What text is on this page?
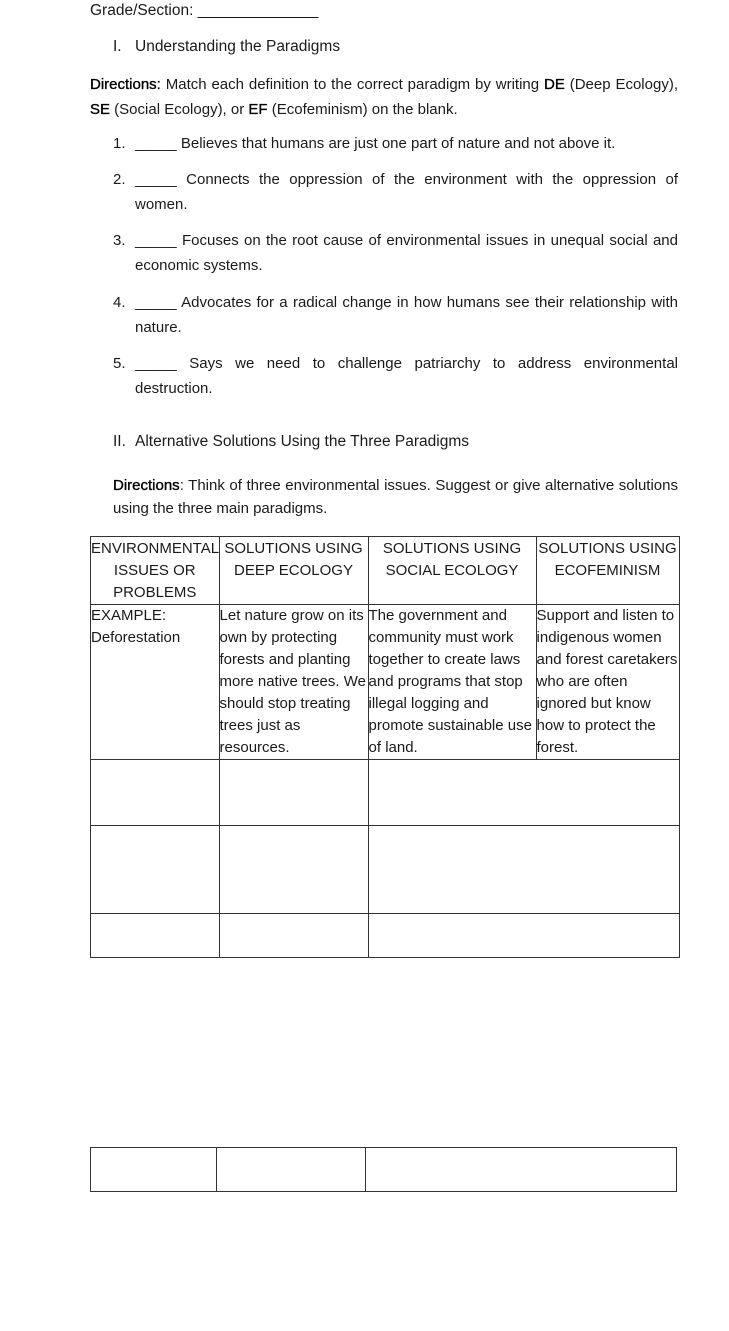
Grade/Section: ______________
I. Understanding the Paradigms
Directions: Match each definition to the correct paradigm by writing DE (Deep Ecology), SE (Social Ecology), or EF (Ecofeminism) on the blank.
1. _____ Believes that humans are just one part of nature and not above it.
2. _____ Connects the oppression of the environment with the oppression of women.
3. _____ Focuses on the root cause of environmental issues in unequal social and economic systems.
4. _____ Advocates for a radical change in how humans see their relationship with nature.
5. _____ Says we need to challenge patriarchy to address environmental destruction.
II. Alternative Solutions Using the Three Paradigms
Directions: Think of three environmental issues. Suggest or give alternative solutions using the three main paradigms.
ENVIRONMENTAL ISSUES OR PROBLEMS	SOLUTIONS USING DEEP ECOLOGY	SOLUTIONS USING SOCIAL ECOLOGY	SOLUTIONS USING ECOFEMINISM

EXAMPLE:
Deforestation	Let nature grow on its own by protecting forests and planting more native trees. We should stop treating trees just as resources.	The government and community must work together to create laws and programs that stop illegal logging and promote sustainable use of land.	Support and listen to indigenous women and forest caretakers who are often ignored but know how to protect the forest.
